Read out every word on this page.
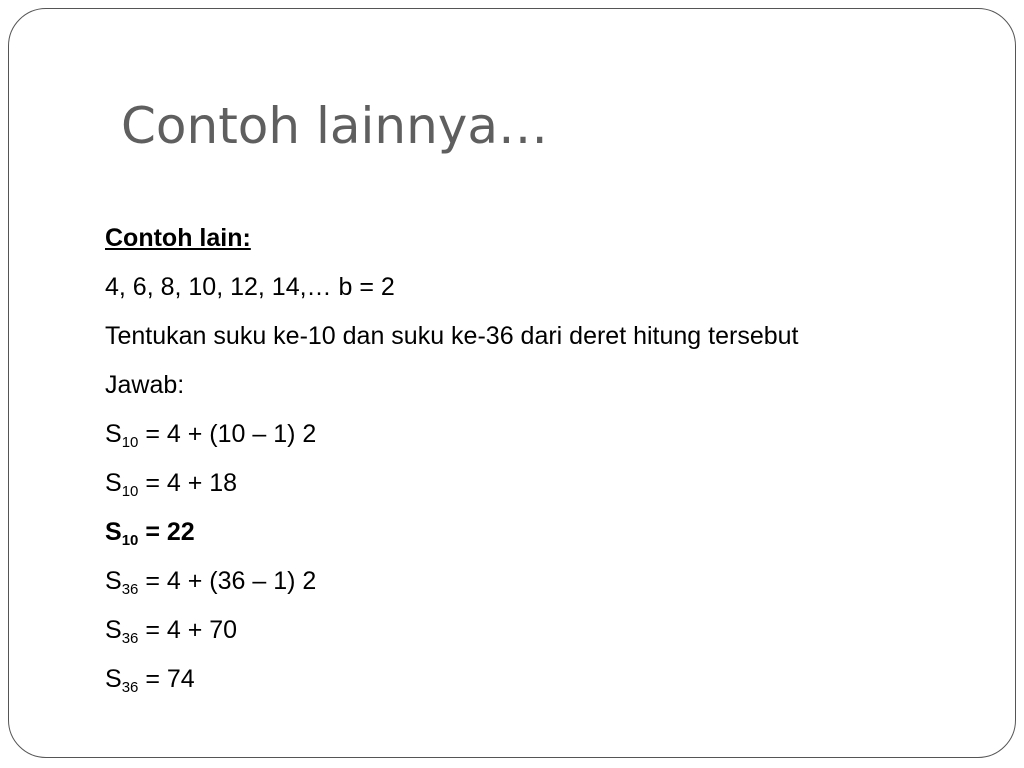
Contoh lainnya…
Contoh lain:
4, 6, 8, 10, 12, 14,… b = 2
Tentukan suku ke-10 dan suku ke-36 dari deret hitung tersebut
Jawab:
$S_{10} = 4 + (10 - 1)$ 2
$S_{10} = 4 + 18$
$S_{10} = 22$
$S_{36} = 4 + (36 - 1)$ 2
$S_{36} = 4 + 70$
$S_{36} = 74$
